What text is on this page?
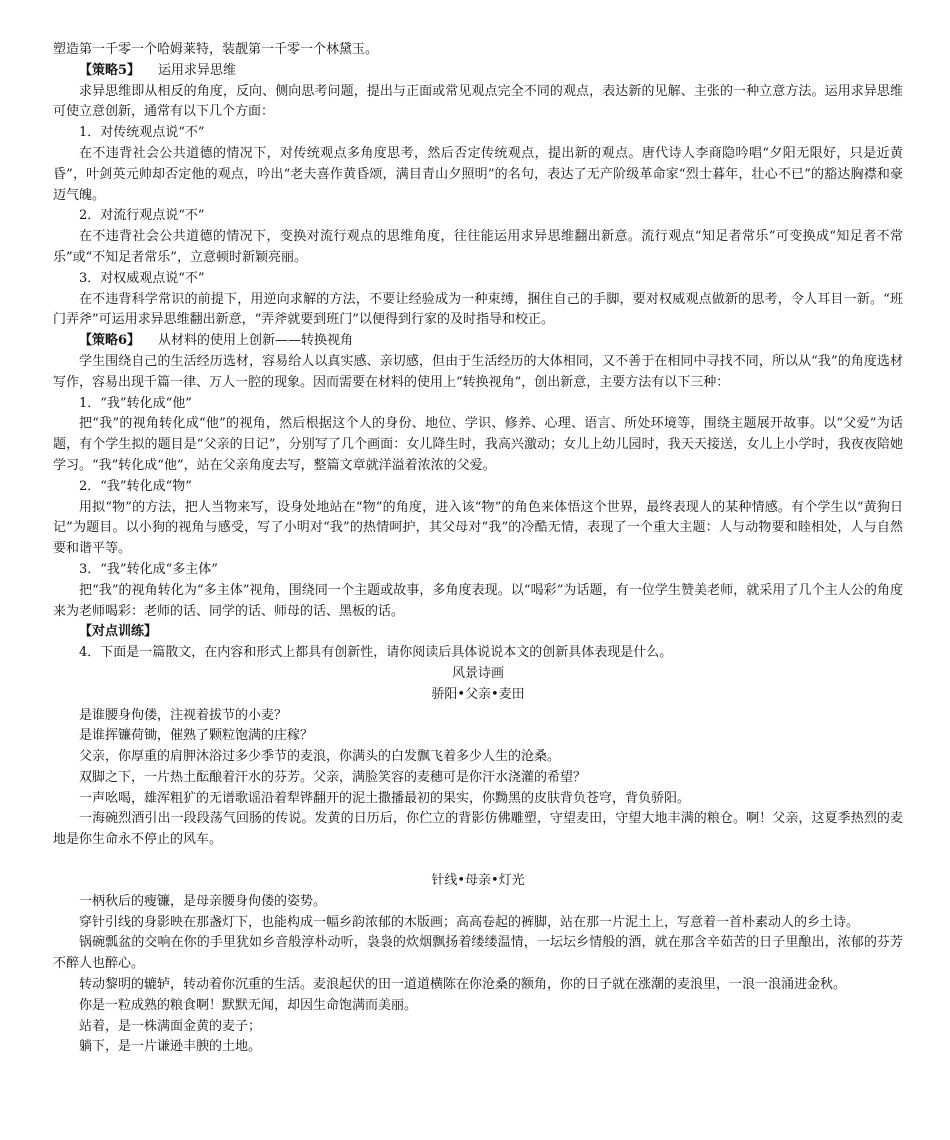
塑造第一千零一个哈姆莱特，装靓第一千零一个林黛玉。

【策略5】 运用求异思维

求异思维即从相反的角度，反向、侧向思考问题，提出与正面或常见观点完全不同的观点，表达新的见解、主张的一种立意方法。运用求异思维可使立意创新，通常有以下几个方面：

1．对传统观点说“不”

在不违背社会公共道德的情况下，对传统观点多角度思考，然后否定传统观点，提出新的观点。唐代诗人李商隐吟唱“夕阳无限好，只是近黄昏”，叶剑英元帅却否定他的观点，吟出“老夫喜作黄昏颂，满目青山夕照明”的名句，表达了无产阶级革命家“烈士暮年，壮心不已”的豁达胸襟和豪迈气魄。

2．对流行观点说“不”

在不违背社会公共道德的情况下，变换对流行观点的思维角度，往往能运用求异思维翻出新意。流行观点“知足者常乐”可变换成“知足者不常乐”或“不知足者常乐”，立意顿时新颖亮丽。

3．对权威观点说“不”

在不违背科学常识的前提下，用逆向求解的方法，不要让经验成为一种束缚，捆住自己的手脚，要对权威观点做新的思考，令人耳目一新。“班门弄斧”可运用求异思维翻出新意，“弄斧就要到班门”以便得到行家的及时指导和校正。

【策略6】 从材料的使用上创新——转换视角

学生围绕自己的生活经历选材，容易给人以真实感、亲切感，但由于生活经历的大体相同，又不善于在相同中寻找不同，所以从“我”的角度选材写作，容易出现千篇一律、万人一腔的现象。因而需要在材料的使用上“转换视角”，创出新意，主要方法有以下三种：

1．“我”转化成“他”

把“我”的视角转化成“他”的视角，然后根据这个人的身份、地位、学识、修养、心理、语言、所处环境等，围绕主题展开故事。以“父爱”为话题，有个学生拟的题目是“父亲的日记”，分别写了几个画面：女儿降生时，我高兴激动；女儿上幼儿园时，我天天接送，女儿上小学时，我夜夜陪她学习。“我”转化成“他”，站在父亲角度去写，整篇文章就洋溢着浓浓的父爱。

2．“我”转化成“物”

用拟“物”的方法，把人当物来写，设身处地站在“物”的角度，进入该“物”的角色来体悟这个世界，最终表现人的某种情感。有个学生以“黄狗日记”为题目。以小狗的视角与感受，写了小明对“我”的热情呵护，其父母对“我”的冷酷无情，表现了一个重大主题：人与动物要和睦相处，人与自然要和谐平等。

3．“我”转化成“多主体”

把“我”的视角转化为“多主体”视角，围绕同一个主题或故事，多角度表现。以“喝彩”为话题，有一位学生赞美老师，就采用了几个主人公的角度来为老师喝彩：老师的话、同学的话、师母的话、黑板的话。

【对点训练】

4．下面是一篇散文，在内容和形式上都具有创新性，请你阅读后具体说说本文的创新具体表现是什么。

风景诗画

骄阳•父亲•麦田

是谁腰身佝偻，注视着拔节的小麦？

是谁挥镰荷锄，催熟了颗粒饱满的庄稼？

父亲，你厚重的肩胛沐浴过多少季节的麦浪，你满头的白发飘飞着多少人生的沧桑。

双脚之下，一片热土酝酿着汗水的芬芳。父亲，满脸笑容的麦穗可是你汗水浇灌的希望？

一声吆喝，雄浑粗犷的无谱歌谣沿着犁铧翻开的泥土撒播最初的果实，你黝黑的皮肤背负苍穹，背负骄阳。

一海碗烈酒引出一段段荡气回肠的传说。发黄的日历后，你伫立的背影仿佛雕塑，守望麦田，守望大地丰满的粮仓。啊！父亲，这夏季热烈的麦地是你生命永不停止的风车。

针线•母亲•灯光

一柄秋后的瘦镰，是母亲腰身佝偻的姿势。

穿针引线的身影映在那盏灯下，也能构成一幅乡韵浓郁的木版画；高高卷起的裤脚，站在那一片泥土上，写意着一首朴素动人的乡土诗。

锅碗瓢盆的交响在你的手里犹如乡音般淳朴动听，袅袅的炊烟飘扬着缕缕温情，一坛坛乡情般的酒，就在那含辛茹苦的日子里酿出，浓郁的芬芳不醉人也醉心。

转动黎明的辘轳，转动着你沉重的生活。麦浪起伏的田一道道横陈在你沧桑的额角，你的日子就在涨潮的麦浪里，一浪一浪涌进金秋。

你是一粒成熟的粮食啊！默默无闻，却因生命饱满而美丽。

站着，是一株满面金黄的麦子；

躺下，是一片谦逊丰腴的土地。
